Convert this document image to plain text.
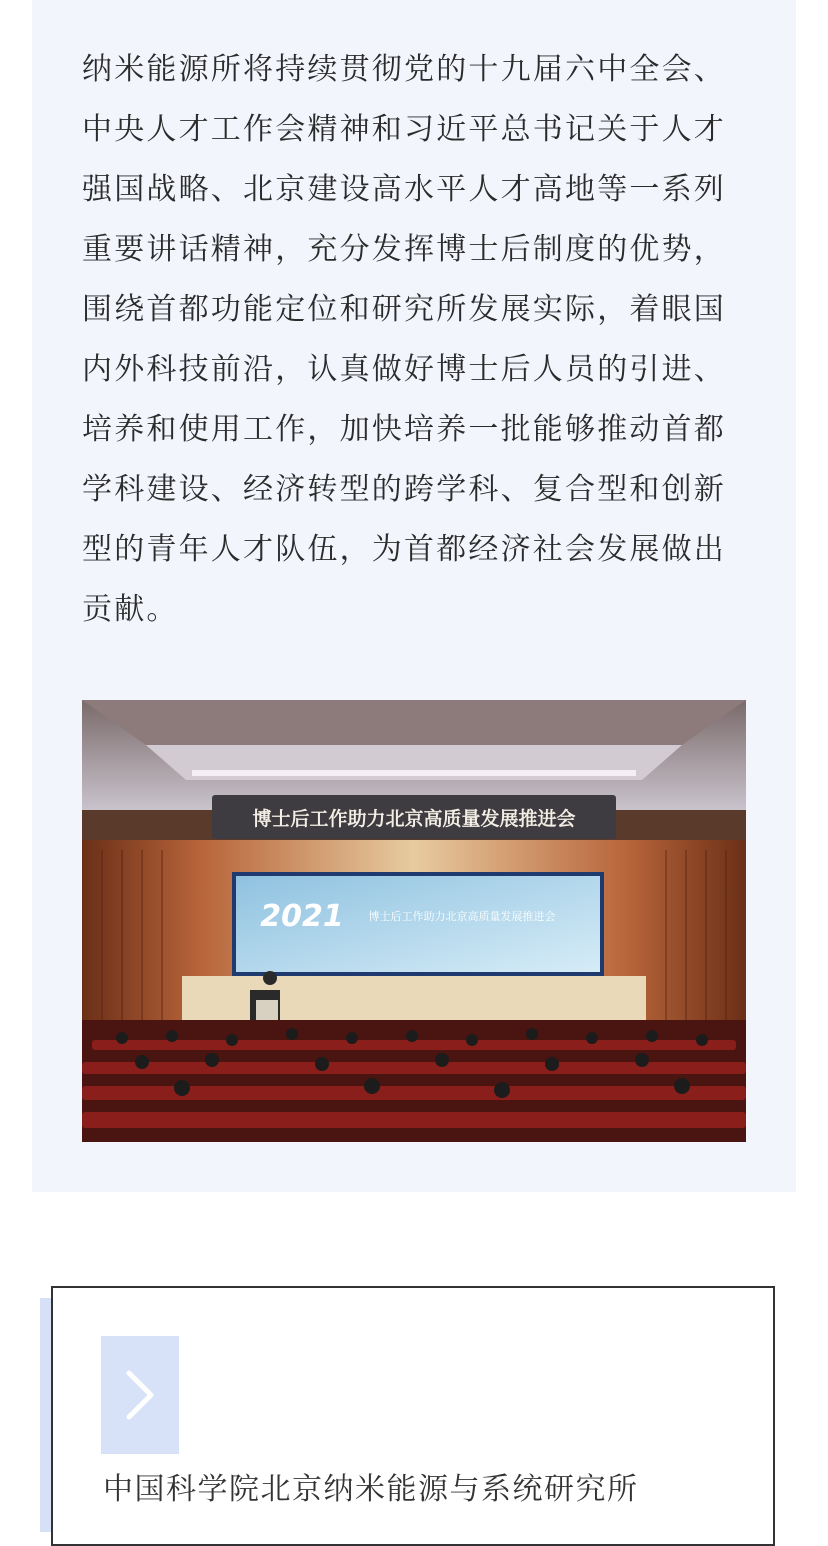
纳米能源所将持续贯彻党的十九届六中全会、中央人才工作会精神和习近平总书记关于人才强国战略、北京建设高水平人才高地等一系列重要讲话精神，充分发挥博士后制度的优势，围绕首都功能定位和研究所发展实际，着眼国内外科技前沿，认真做好博士后人员的引进、培养和使用工作，加快培养一批能够推动首都学科建设、经济转型的跨学科、复合型和创新型的青年人才队伍，为首都经济社会发展做出贡献。

博士后工作助力北京高质量发展推进会
2021 博士后工作助力北京高质量发展推进会
中国科学院北京纳米能源与系统研究所
